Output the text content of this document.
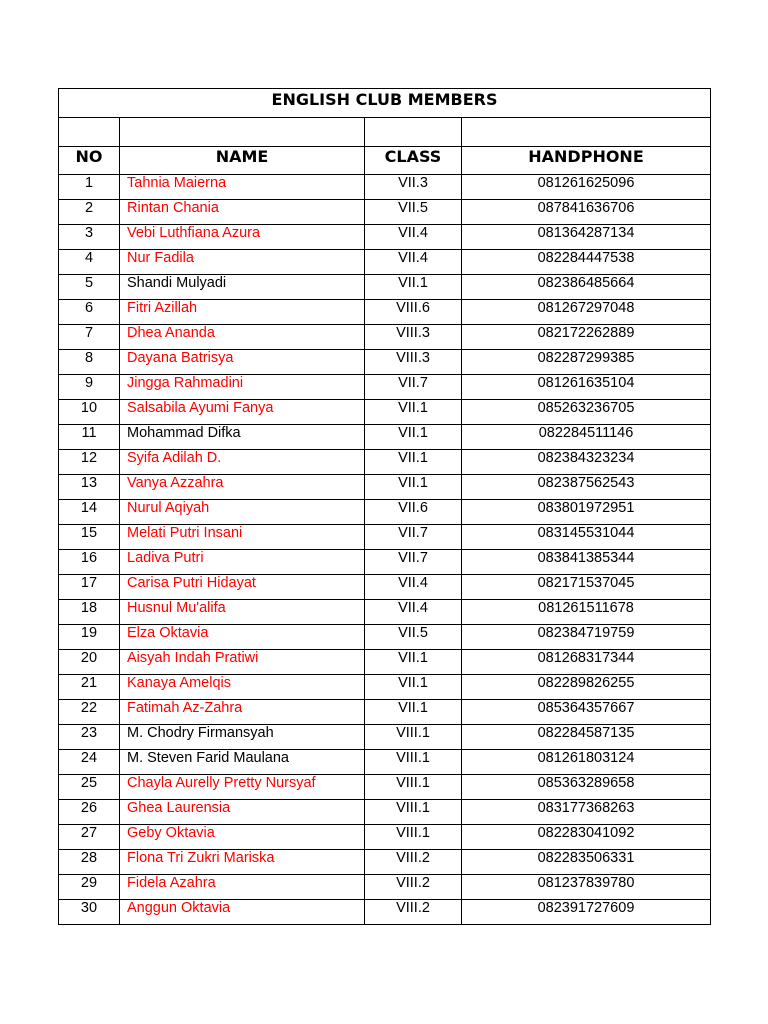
ENGLISH CLUB MEMBERS			

NO	NAME	CLASS	HANDPHONE
1	Tahnia Maierna	VII.3	081261625096
2	Rintan Chania	VII.5	087841636706
3	Vebi Luthfiana Azura	VII.4	081364287134
4	Nur Fadila	VII.4	082284447538
5	Shandi Mulyadi	VII.1	082386485664
6	Fitri Azillah	VIII.6	081267297048
7	Dhea Ananda	VIII.3	082172262889
8	Dayana Batrisya	VIII.3	082287299385
9	Jingga Rahmadini	VII.7	081261635104
10	Salsabila Ayumi Fanya	VII.1	085263236705
11	Mohammad Difka	VII.1	082284511146
12	Syifa Adilah D.	VII.1	082384323234
13	Vanya Azzahra	VII.1	082387562543
14	Nurul Aqiyah	VII.6	083801972951
15	Melati Putri Insani	VII.7	083145531044
16	Ladiva Putri	VII.7	083841385344
17	Carisa Putri Hidayat	VII.4	082171537045
18	Husnul Mu'alifa	VII.4	081261511678
19	Elza Oktavia	VII.5	082384719759
20	Aisyah Indah Pratiwi	VII.1	081268317344
21	Kanaya Amelqis	VII.1	082289826255
22	Fatimah Az-Zahra	VII.1	085364357667
23	M. Chodry Firmansyah	VIII.1	082284587135
24	M. Steven Farid Maulana	VIII.1	081261803124
25	Chayla Aurelly Pretty Nursyaf	VIII.1	085363289658
26	Ghea Laurensia	VIII.1	083177368263
27	Geby Oktavia	VIII.1	082283041092
28	Flona Tri Zukri Mariska	VIII.2	082283506331
29	Fidela Azahra	VIII.2	081237839780
30	Anggun Oktavia	VIII.2	082391727609
